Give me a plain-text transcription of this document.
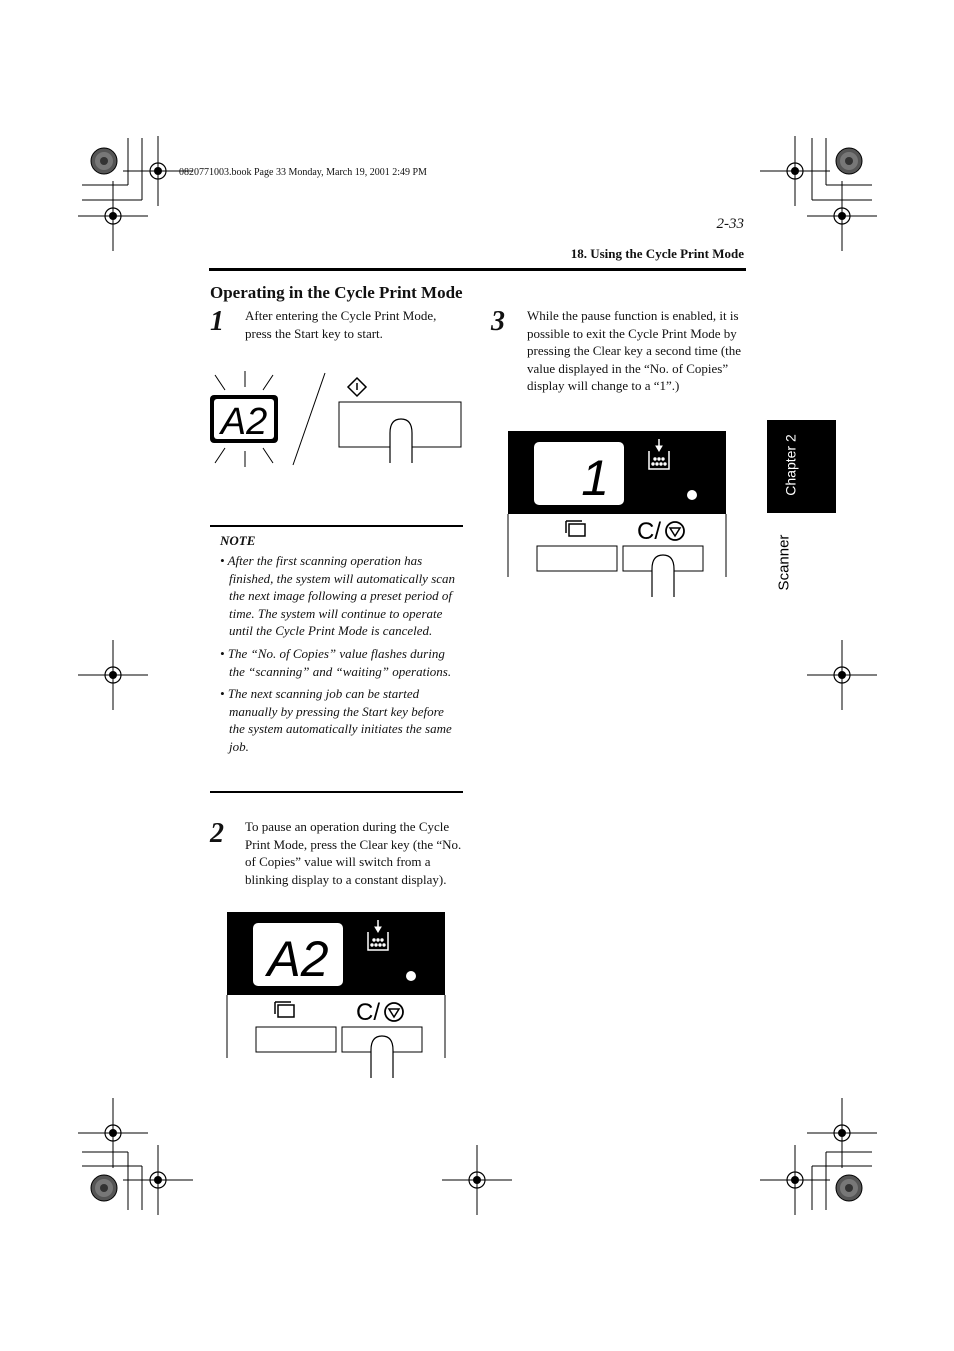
0820771003.book Page 33 Monday, March 19, 2001 2:49 PM
2-33
18. Using the Cycle Print Mode
Operating in the Cycle Print Mode
1 After entering the Cycle Print Mode, press the Start key to start.
A2
NOTE
• After the first scanning operation has finished, the system will automatically scan the next image following a preset period of time. The system will continue to operate until the Cycle Print Mode is canceled.
• The “No. of Copies” value flashes during the “scanning” and “waiting” operations.
• The next scanning job can be started manually by pressing the Start key before the system automatically initiates the same job.
2 To pause an operation during the Cycle Print Mode, press the Clear key (the “No. of Copies” value will switch from a blinking display to a constant display).
A2
C/
3 While the pause function is enabled, it is possible to exit the Cycle Print Mode by pressing the Clear key a second time (the value displayed in the “No. of Copies” display will change to a “1”.)
1
C/
Chapter 2
Scanner
